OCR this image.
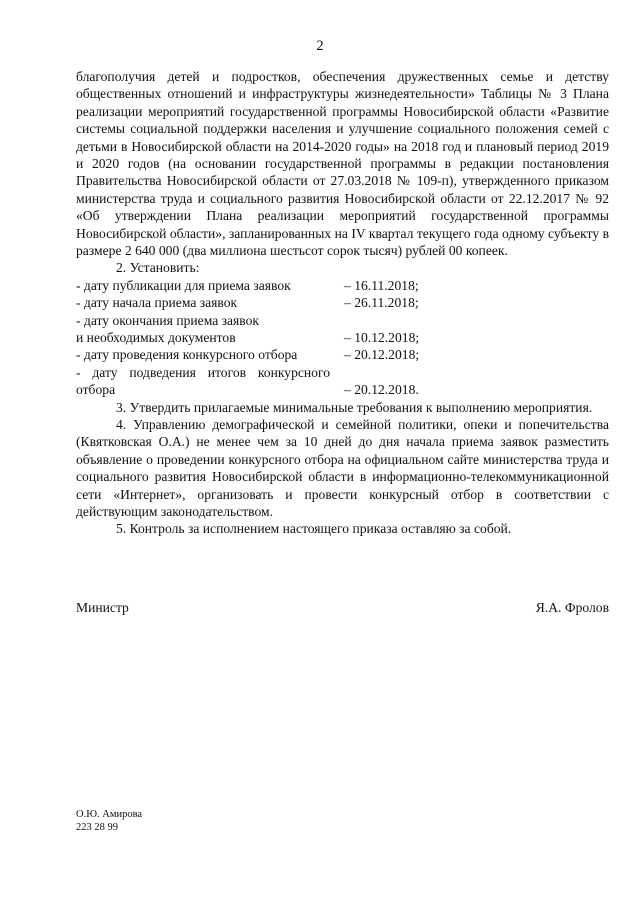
2

благополучия детей и подростков, обеспечения дружественных семье и детству общественных отношений и инфраструктуры жизнедеятельности» Таблицы № 3 Плана реализации мероприятий государственной программы Новосибирской области «Развитие системы социальной поддержки населения и улучшение социального положения семей с детьми в Новосибирской области на 2014-2020 годы» на 2018 год и плановый период 2019 и 2020 годов (на основании государственной программы в редакции постановления Правительства Новосибирской области от 27.03.2018 № 109-п), утвержденного приказом министерства труда и социального развития Новосибирской области от 22.12.2017 № 92 «Об утверждении Плана реализации мероприятий государственной программы Новосибирской области», запланированных на IV квартал текущего года одному субъекту в размере 2 640 000 (два миллиона шестьсот сорок тысяч) рублей 00 копеек.

2. Установить:

- дату публикации для приема заявок	– 16.11.2018;
- дату начала приема заявок	– 26.11.2018;
- дату окончания приема заявок
и необходимых документов	– 10.12.2018;
- дату проведения конкурсного отбора	– 20.12.2018;
- дату подведения итогов конкурсного
отбора	– 20.12.2018.

3. Утвердить прилагаемые минимальные требования к выполнению мероприятия.

4. Управлению демографической и семейной политики, опеки и попечительства (Квятковская О.А.) не менее чем за 10 дней до дня начала приема заявок разместить объявление о проведении конкурсного отбора на официальном сайте министерства труда и социального развития Новосибирской области в информационно-телекоммуникационной сети «Интернет», организовать и провести конкурсный отбор в соответствии с действующим законодательством.

5. Контроль за исполнением настоящего приказа оставляю за собой.

Министр	Я.А. Фролов
О.Ю. Амирова
223 28 99
